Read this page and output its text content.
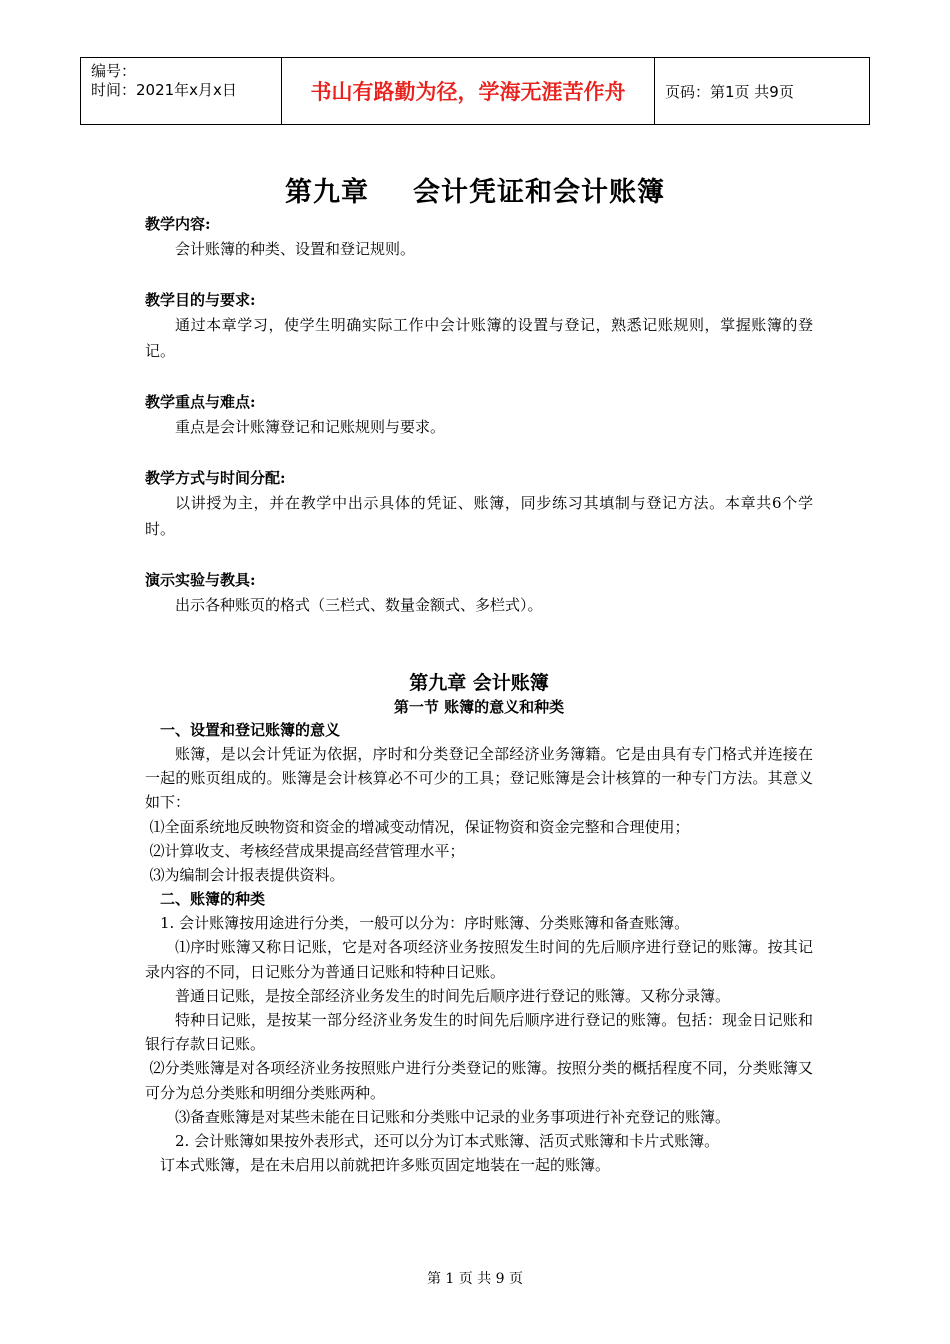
编号：
时间：2021年x月x日	书山有路勤为径，学海无涯苦作舟	页码：第1页 共9页
第九章 会计凭证和会计账簿
教学内容:
会计账簿的种类、设置和登记规则。
教学目的与要求:
通过本章学习，使学生明确实际工作中会计账簿的设置与登记，熟悉记账规则，掌握账簿的登记。
教学重点与难点:
重点是会计账簿登记和记账规则与要求。
教学方式与时间分配:
以讲授为主，并在教学中出示具体的凭证、账簿，同步练习其填制与登记方法。本章共6个学时。
演示实验与教具:
出示各种账页的格式（三栏式、数量金额式、多栏式）。
第九章 会计账簿
第一节 账簿的意义和种类
一、设置和登记账簿的意义
账簿，是以会计凭证为依据，序时和分类登记全部经济业务簿籍。它是由具有专门格式并连接在一起的账页组成的。账簿是会计核算必不可少的工具；登记账簿是会计核算的一种专门方法。其意义如下：
⑴全面系统地反映物资和资金的增减变动情况，保证物资和资金完整和合理使用；
⑵计算收支、考核经营成果提高经营管理水平；
⑶为编制会计报表提供资料。
二、账簿的种类
1. 会计账簿按用途进行分类，一般可以分为：序时账簿、分类账簿和备查账簿。
⑴序时账簿又称日记账，它是对各项经济业务按照发生时间的先后顺序进行登记的账簿。按其记录内容的不同，日记账分为普通日记账和特种日记账。
普通日记账，是按全部经济业务发生的时间先后顺序进行登记的账簿。又称分录簿。
特种日记账，是按某一部分经济业务发生的时间先后顺序进行登记的账簿。包括：现金日记账和银行存款日记账。
⑵分类账簿是对各项经济业务按照账户进行分类登记的账簿。按照分类的概括程度不同，分类账簿又可分为总分类账和明细分类账两种。
⑶备查账簿是对某些未能在日记账和分类账中记录的业务事项进行补充登记的账簿。
2. 会计账簿如果按外表形式，还可以分为订本式账簿、活页式账簿和卡片式账簿。
订本式账簿，是在未启用以前就把许多账页固定地装在一起的账簿。
第 1 页 共 9 页
